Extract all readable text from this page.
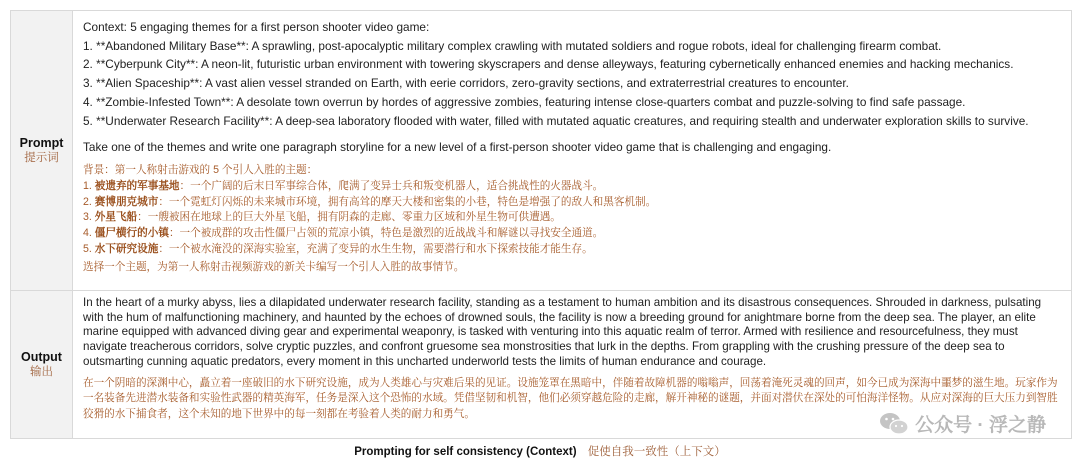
Prompt
提示词
Context: 5 engaging themes for a first person shooter video game:
1. **Abandoned Military Base**: A sprawling, post-apocalyptic military complex crawling with mutated soldiers and rogue robots, ideal for challenging firearm combat.
2. **Cyberpunk City**: A neon-lit, futuristic urban environment with towering skyscrapers and dense alleyways, featuring cybernetically enhanced enemies and hacking mechanics.
3. **Alien Spaceship**: A vast alien vessel stranded on Earth, with eerie corridors, zero-gravity sections, and extraterrestrial creatures to encounter.
4. **Zombie-Infested Town**: A desolate town overrun by hordes of aggressive zombies, featuring intense close-quarters combat and puzzle-solving to find safe passage.
5. **Underwater Research Facility**: A deep-sea laboratory flooded with water, filled with mutated aquatic creatures, and requiring stealth and underwater exploration skills to survive.
Take one of the themes and write one paragraph storyline for a new level of a first-person shooter video game that is challenging and engaging.
背景：第一人称射击游戏的 5 个引人入胜的主题：
1. 被遗弃的军事基地：一个广阔的后末日军事综合体，爬满了变异士兵和叛变机器人，适合挑战性的火器战斗。
2. 赛博朋克城市：一个霓虹灯闪烁的未来城市环境，拥有高耸的摩天大楼和密集的小巷，特色是增强了的敌人和黑客机制。
3. 外星飞船：一艘被困在地球上的巨大外星飞船，拥有阴森的走廊、零重力区域和外星生物可供遭遇。
4. 僵尸横行的小镇：一个被成群的攻击性僵尸占领的荒凉小镇，特色是激烈的近战战斗和解谜以寻找安全通道。
5. 水下研究设施：一个被水淹没的深海实验室，充满了变异的水生生物，需要潜行和水下探索技能才能生存。
选择一个主题，为第一人称射击视频游戏的新关卡编写一个引人入胜的故事情节。
Output
输出
In the heart of a murky abyss, lies a dilapidated underwater research facility, standing as a testament to human ambition and its disastrous consequences. Shrouded in darkness, pulsating with the hum of malfunctioning machinery, and haunted by the echoes of drowned souls, the facility is now a breeding ground for anightmare borne from the deep sea. The player, an elite marine equipped with advanced diving gear and experimental weaponry, is tasked with venturing into this aquatic realm of terror. Armed with resilience and resourcefulness, they must navigate treacherous corridors, solve cryptic puzzles, and confront gruesome sea monstrosities that lurk in the depths. From grappling with the crushing pressure of the deep sea to outsmarting cunning aquatic predators, every moment in this uncharted underworld tests the limits of human endurance and courage.
在一个阴暗的深渊中心，矗立着一座破旧的水下研究设施，成为人类雄心与灾难后果的见证。设施笼罩在黑暗中，伴随着故障机器的嗡嗡声，回荡着淹死灵魂的回声，如今已成为深海中噩梦的滋生地。玩家作为一名装备先进潜水装备和实验性武器的精英海军，任务是深入这个恐怖的水域。凭借坚韧和机智，他们必须穿越危险的走廊，解开神秘的谜题，并面对潜伏在深处的可怕海洋怪物。从应对深海的巨大压力到智胜狡猾的水下捕食者，这个未知的地下世界中的每一刻都在考验着人类的耐力和勇气。
公众号 · 浮之静
Prompting for self consistency (Context) 促使自我一致性（上下文）
